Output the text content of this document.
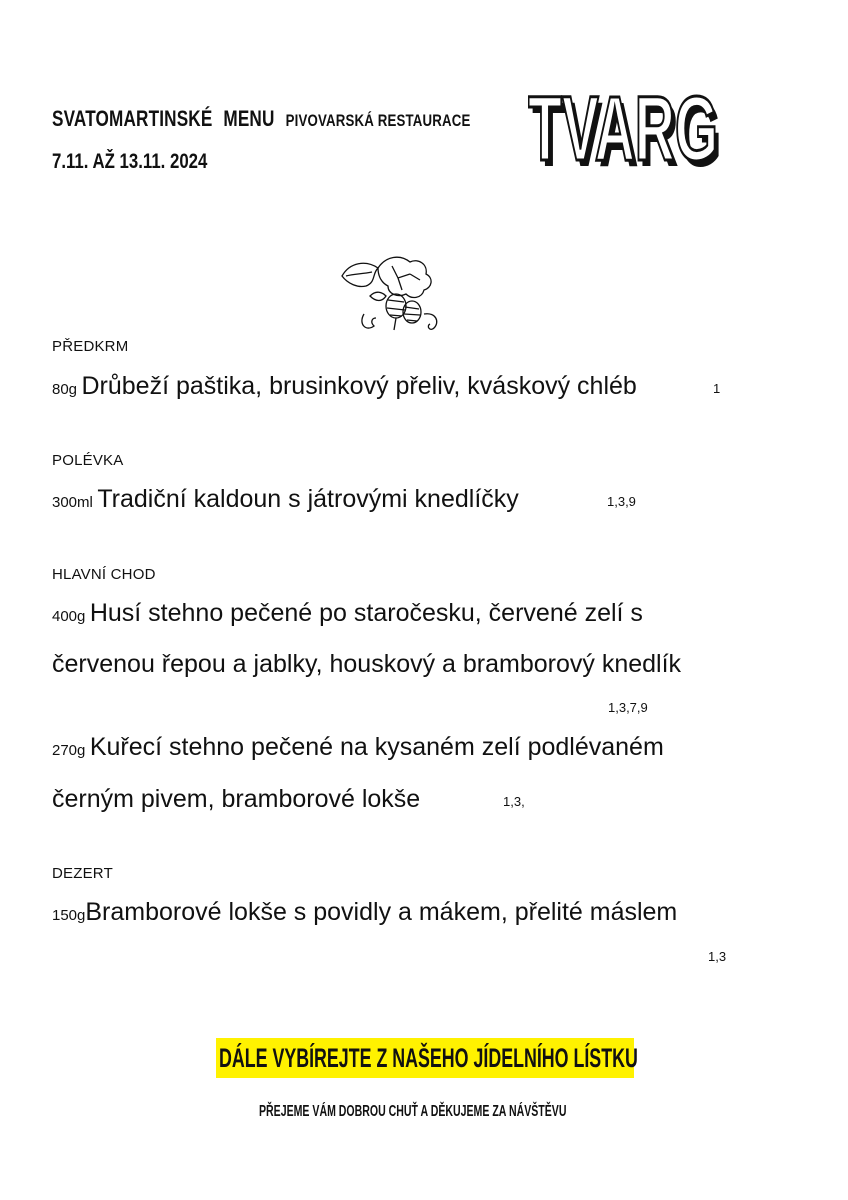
SVATOMARTINSKÉ MENU PIVOVARSKÁ RESTAURACE
7.11. AŽ 13.11. 2024	TVARG
TVARG
PŘEDKRM
80g Drůbeží paštika, brusinkový přeliv, kváskový chléb	1
POLÉVKA
300ml Tradiční kaldoun s játrovými knedlíčky	1,3,9
HLAVNÍ CHOD
400g Husí stehno pečené po staročesku, červené zelí s
červenou řepou a jablky, houskový a bramborový knedlík
1,3,7,9
270g Kuřecí stehno pečené na kysaném zelí podlévaném
černým pivem, bramborové lokše	1,3,
DEZERT
150gBramborové lokše s povidly a mákem, přelité máslem
1,3
DÁLE VYBÍREJTE Z NAŠEHO JÍDELNÍHO LÍSTKU
PŘEJEME VÁM DOBROU CHUŤ A DĚKUJEME ZA NÁVŠTĚVU
